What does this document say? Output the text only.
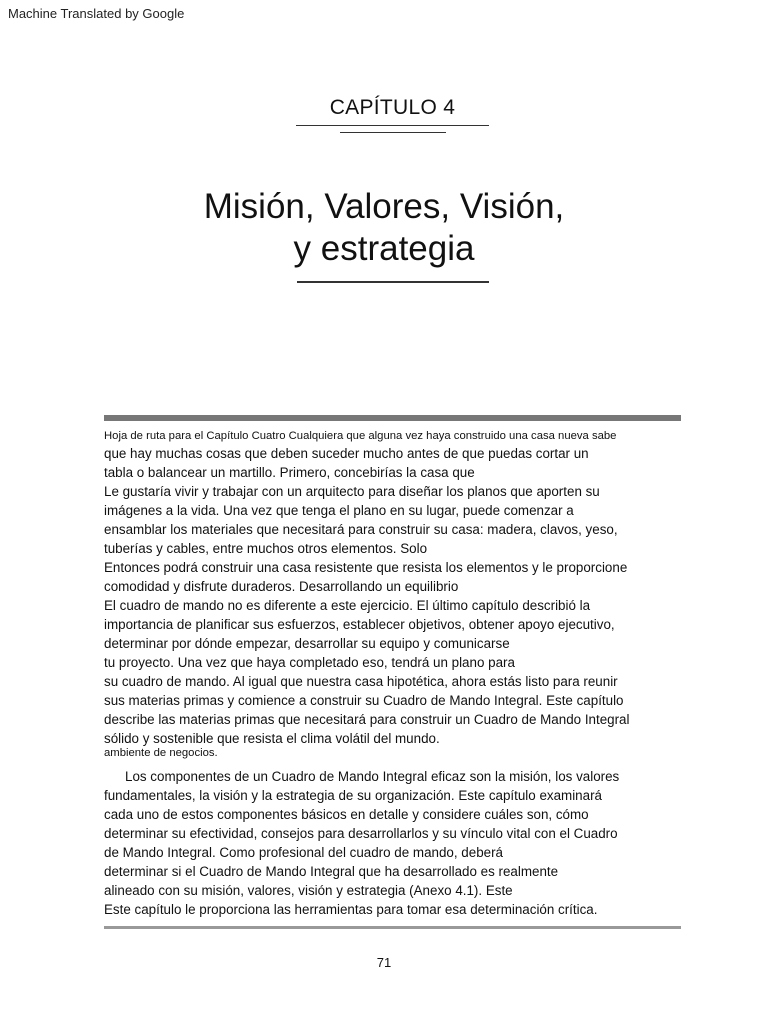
Machine Translated by Google
CAPÍTULO 4
Misión, Valores, Visión,
y estrategia
Hoja de ruta para el Capítulo Cuatro Cualquiera que alguna vez haya construido una casa nueva sabe
que hay muchas cosas que deben suceder mucho antes de que puedas cortar un
tabla o balancear un martillo. Primero, concebirías la casa que
Le gustaría vivir y trabajar con un arquitecto para diseñar los planos que aporten su
imágenes a la vida. Una vez que tenga el plano en su lugar, puede comenzar a
ensamblar los materiales que necesitará para construir su casa: madera, clavos, yeso,
tuberías y cables, entre muchos otros elementos. Solo
Entonces podrá construir una casa resistente que resista los elementos y le proporcione
comodidad y disfrute duraderos. Desarrollando un equilibrio
El cuadro de mando no es diferente a este ejercicio. El último capítulo describió la
importancia de planificar sus esfuerzos, establecer objetivos, obtener apoyo ejecutivo,
determinar por dónde empezar, desarrollar su equipo y comunicarse
tu proyecto. Una vez que haya completado eso, tendrá un plano para
su cuadro de mando. Al igual que nuestra casa hipotética, ahora estás listo para reunir
sus materias primas y comience a construir su Cuadro de Mando Integral. Este capítulo
describe las materias primas que necesitará para construir un Cuadro de Mando Integral
sólido y sostenible que resista el clima volátil del mundo.
ambiente de negocios.
Los componentes de un Cuadro de Mando Integral eficaz son la misión, los valores
fundamentales, la visión y la estrategia de su organización. Este capítulo examinará
cada uno de estos componentes básicos en detalle y considere cuáles son, cómo
determinar su efectividad, consejos para desarrollarlos y su vínculo vital con el Cuadro
de Mando Integral. Como profesional del cuadro de mando, deberá
determinar si el Cuadro de Mando Integral que ha desarrollado es realmente
alineado con su misión, valores, visión y estrategia (Anexo 4.1). Este
Este capítulo le proporciona las herramientas para tomar esa determinación crítica.
71
